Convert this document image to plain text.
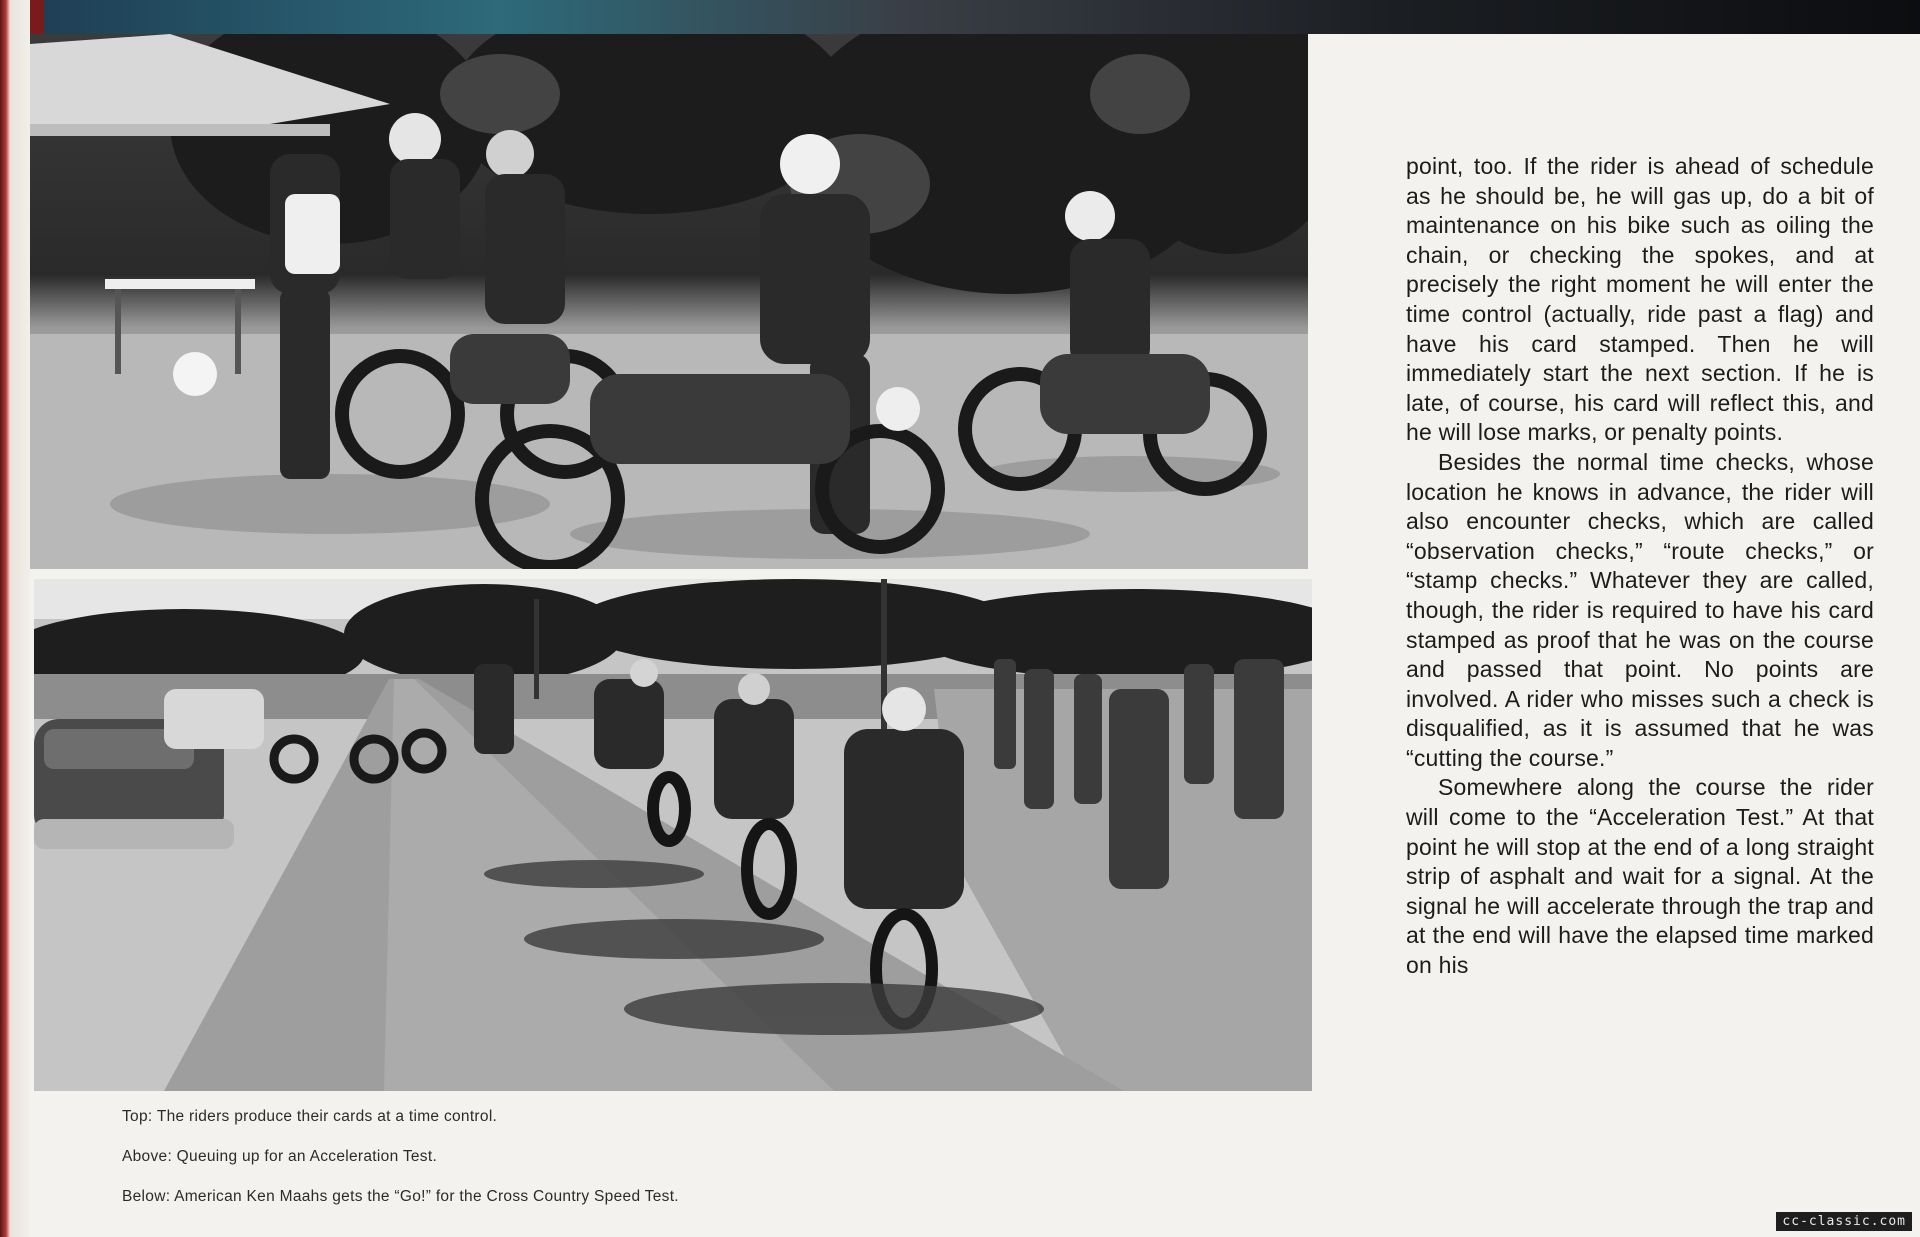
Top: The riders produce their cards at a time control.

Above: Queuing up for an Acceleration Test.

Below: American Ken Maahs gets the “Go!” for the Cross Country Speed Test.

point, too. If the rider is ahead of schedule as he should be, he will gas up, do a bit of maintenance on his bike such as oiling the chain, or checking the spokes, and at precisely the right moment he will enter the time control (actually, ride past a flag) and have his card stamped. Then he will immediately start the next section. If he is late, of course, his card will reflect this, and he will lose marks, or penalty points.

Besides the normal time checks, whose location he knows in advance, the rider will also encounter checks, which are called “observation checks,” “route checks,” or “stamp checks.” Whatever they are called, though, the rider is required to have his card stamped as proof that he was on the course and passed that point. No points are involved. A rider who misses such a check is disqualified, as it is assumed that he was “cutting the course.”

Somewhere along the course the rider will come to the “Acceleration Test.” At that point he will stop at the end of a long straight strip of asphalt and wait for a signal. At the signal he will accelerate through the trap and at the end will have the elapsed time marked on his

cc-classic.com
